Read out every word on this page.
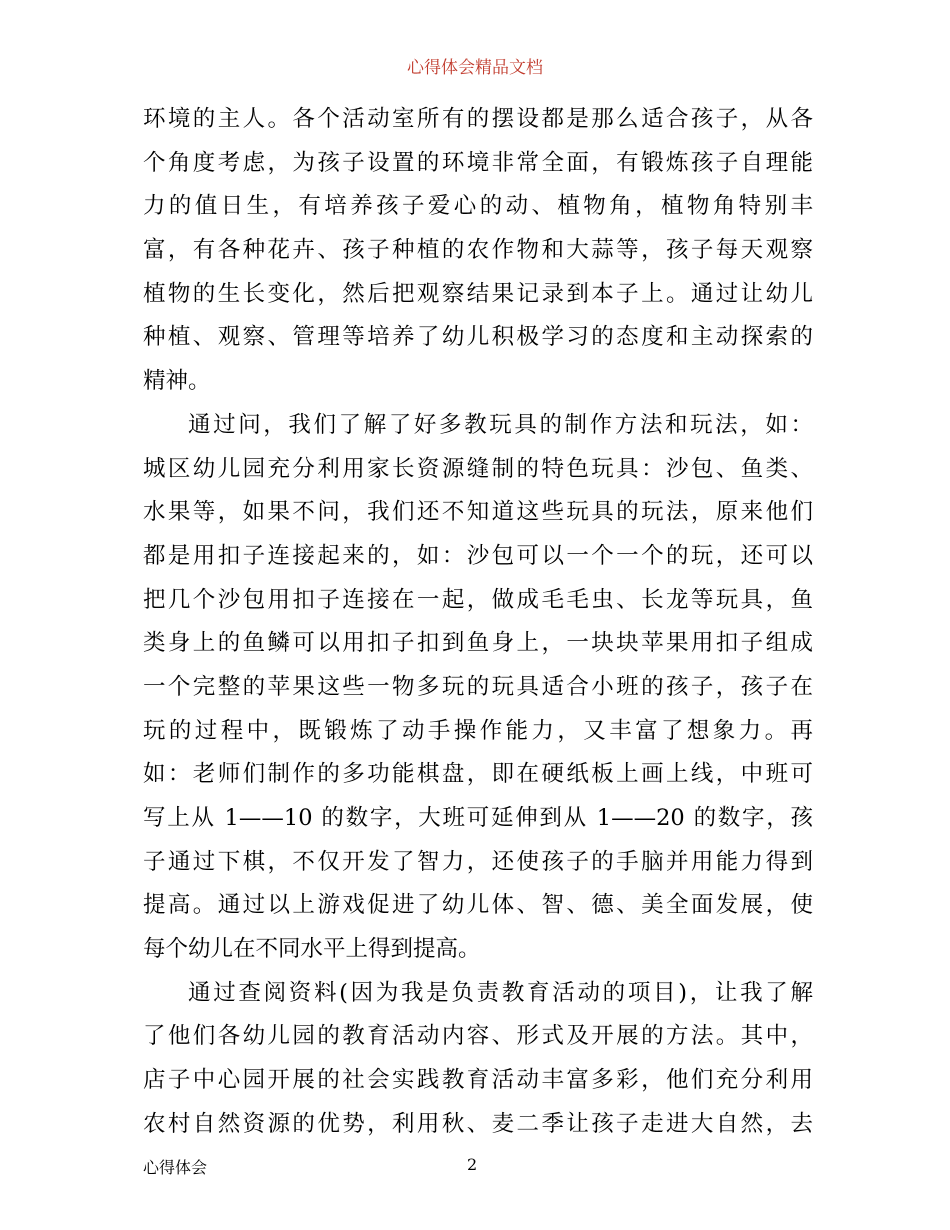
心得体会精品文档
环境的主人。各个活动室所有的摆设都是那么适合孩子，从各
个角度考虑，为孩子设置的环境非常全面，有锻炼孩子自理能
力的值日生，有培养孩子爱心的动、植物角，植物角特别丰
富，有各种花卉、孩子种植的农作物和大蒜等，孩子每天观察
植物的生长变化，然后把观察结果记录到本子上。通过让幼儿
种植、观察、管理等培养了幼儿积极学习的态度和主动探索的
精神。
通过问，我们了解了好多教玩具的制作方法和玩法，如：
城区幼儿园充分利用家长资源缝制的特色玩具：沙包、鱼类、
水果等，如果不问，我们还不知道这些玩具的玩法，原来他们
都是用扣子连接起来的，如：沙包可以一个一个的玩，还可以
把几个沙包用扣子连接在一起，做成毛毛虫、长龙等玩具，鱼
类身上的鱼鳞可以用扣子扣到鱼身上，一块块苹果用扣子组成
一个完整的苹果这些一物多玩的玩具适合小班的孩子，孩子在
玩的过程中，既锻炼了动手操作能力，又丰富了想象力。再
如：老师们制作的多功能棋盘，即在硬纸板上画上线，中班可
写上从 1——10 的数字，大班可延伸到从 1——20 的数字，孩
子通过下棋，不仅开发了智力，还使孩子的手脑并用能力得到
提高。通过以上游戏促进了幼儿体、智、德、美全面发展，使
每个幼儿在不同水平上得到提高。
通过查阅资料(因为我是负责教育活动的项目)，让我了解
了他们各幼儿园的教育活动内容、形式及开展的方法。其中，
店子中心园开展的社会实践教育活动丰富多彩，他们充分利用
农村自然资源的优势，利用秋、麦二季让孩子走进大自然，去
心得体会	2
